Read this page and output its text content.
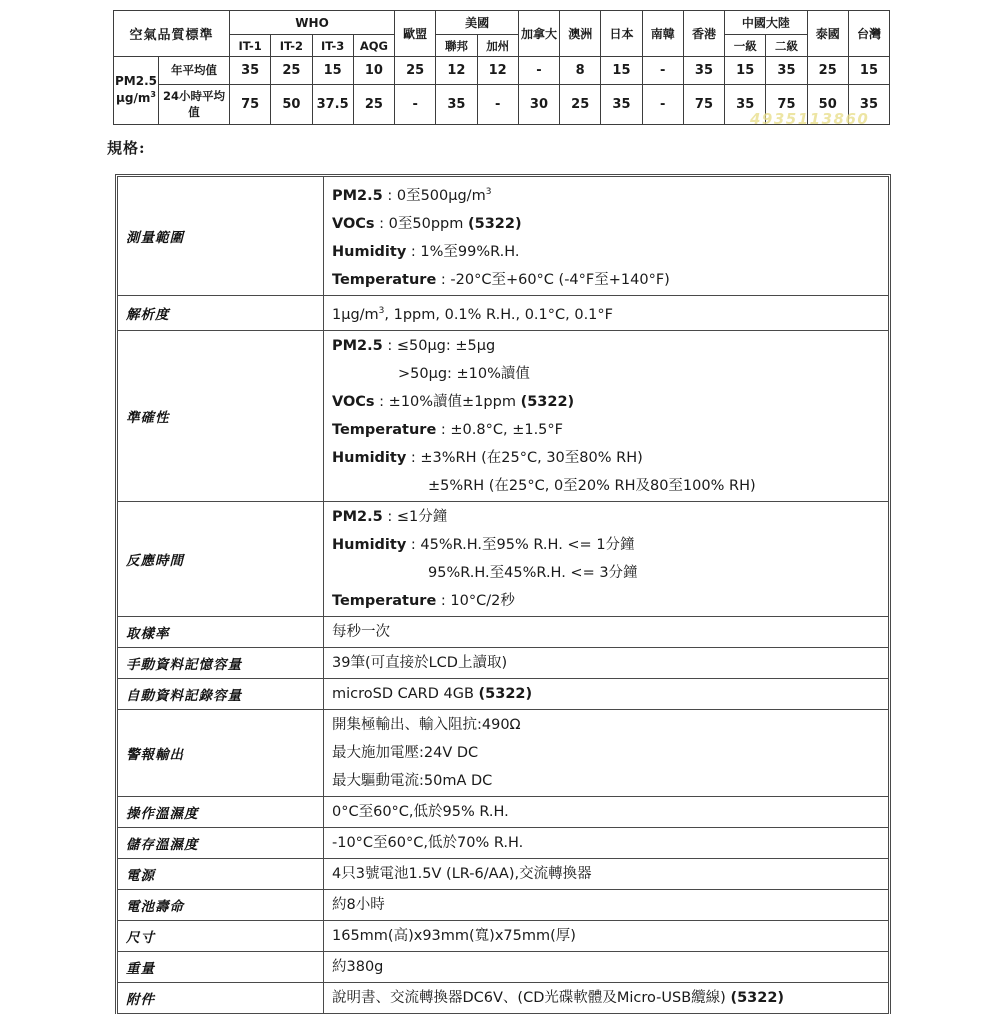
空氣品質標準		WHO				歐盟	美國		加拿大	澳洲	日本	南韓	香港	中國大陸		泰國	台灣
		IT-1	IT-2	IT-3	AQG		聯邦	加州						一級	二級		

PM2.5
$\mu g/m^3$	年平均值	35	25	15	10	25	12	12	-	8	15	-	35	15	35	25	15
	24小時平均值	75	50	37.5	25	-	35	-	30	25	35	-	75	35	75	50	35
4935113860
規格:
測量範圍	PM2.5 : 0至$500\mu g/m^3$
VOCs : 0至50ppm (5322)
Humidity : 1%至99%R.H.
Temperature : -20°C至+60°C (-4°F至+140°F)

解析度	$1\mu g/m^3$, 1ppm, 0.1% R.H., 0.1°C, 0.1°F

準確性	
PM2.5 : ≤50μg: ±5μg
>50μg: ±10%讀值
VOCs : ±10%讀值±1ppm (5322)
Temperature : ±0.8°C, ±1.5°F
Humidity : ±3%RH (在25°C, 30至80% RH)
±5%RH (在25°C, 0至20% RH及80至100% RH)

反應時間	PM2.5 : ≤1分鐘
Humidity : 45%R.H.至95% R.H. <= 1分鐘
95%R.H.至45%R.H. <= 3分鐘
Temperature : 10°C/2秒

取樣率	每秒一次

手動資料記憶容量	39筆(可直接於LCD上讀取)

自動資料記錄容量	microSD CARD 4GB (5322)

警報輸出	開集極輸出、輸入阻抗:490Ω
最大施加電壓:24V DC
最大驅動電流:50mA DC

操作溫濕度	0°C至60°C,低於95% R.H.

儲存溫濕度	-10°C至60°C,低於70% R.H.

電源	4只3號電池1.5V (LR-6/AA),交流轉換器

電池壽命	約8小時

尺寸	165mm(高)x93mm(寬)x75mm(厚)

重量	約380g

附件	說明書、交流轉換器DC6V、(CD光碟軟體及Micro-USB纜線) (5322)
